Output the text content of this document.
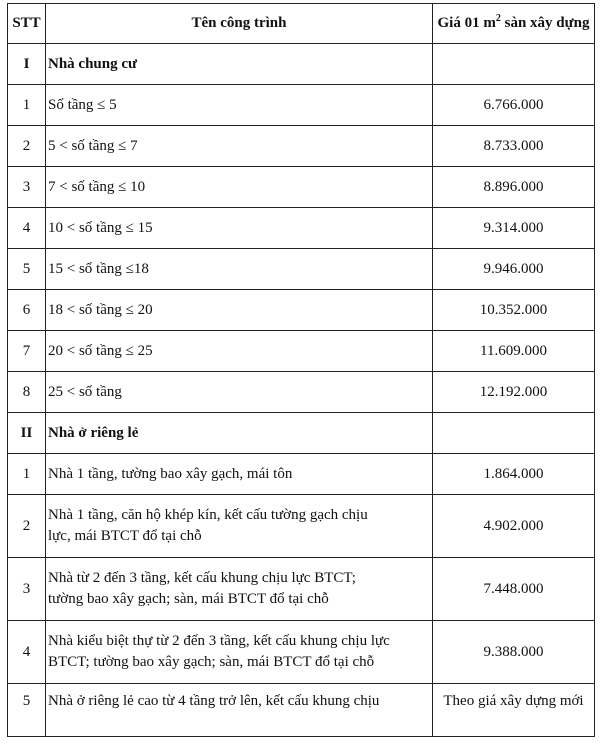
STT	Tên công trình	Giá 01 $m^2$ sàn xây dựng
I	Nhà chung cư	
1	Số tầng ≤ 5	6.766.000
2	5 < số tầng ≤ 7	8.733.000
3	7 < số tầng ≤ 10	8.896.000
4	10 < số tầng ≤ 15	9.314.000
5	15 < số tầng ≤18	9.946.000
6	18 < số tầng ≤ 20	10.352.000
7	20 < số tầng ≤ 25	11.609.000
8	25 < số tầng	12.192.000
II	Nhà ở riêng lẻ	
1	Nhà 1 tầng, tường bao xây gạch, mái tôn	1.864.000
2	Nhà 1 tầng, căn hộ khép kín, kết cấu tường gạch chịu
lực, mái BTCT đổ tại chỗ	4.902.000
3	Nhà từ 2 đến 3 tầng, kết cấu khung chịu lực BTCT;
tường bao xây gạch; sàn, mái BTCT đổ tại chỗ	7.448.000
4	Nhà kiểu biệt thự từ 2 đến 3 tầng, kết cấu khung chịu lực
BTCT; tường bao xây gạch; sàn, mái BTCT đổ tại chỗ	9.388.000
5	Nhà ở riêng lẻ cao từ 4 tầng trở lên, kết cấu khung chịu	Theo giá xây dựng mới
